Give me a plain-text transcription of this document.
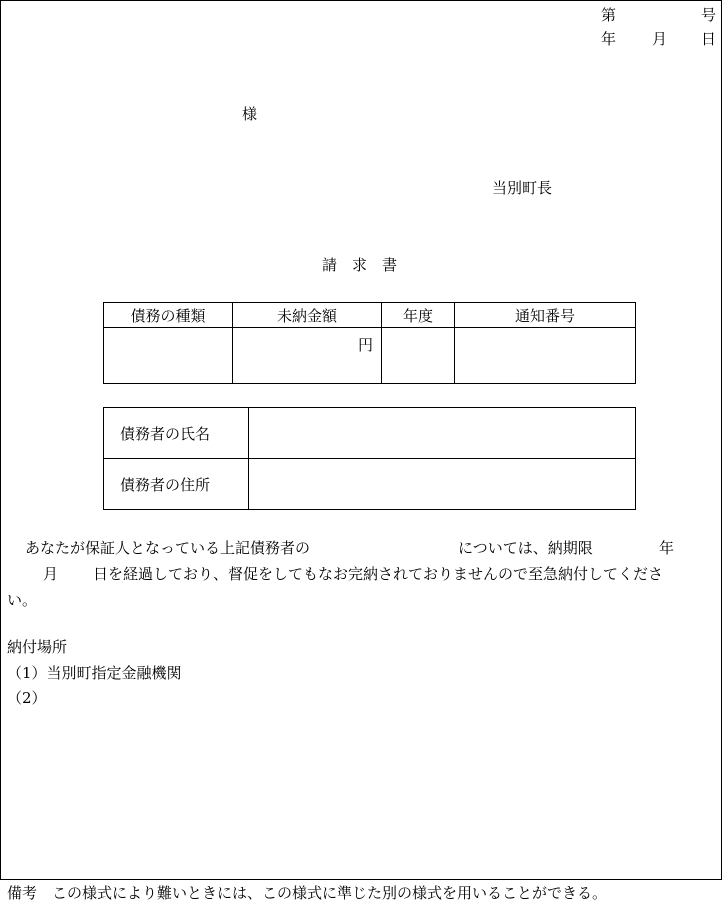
第	号
年 月 日
様
当別町長
請　求　書
債務の種類	未納金額	年度	通知番号
	円		
債務者の氏名	
債務者の住所	
あなたが保証人となっている上記債務者の	については、納期限	年
月 日を経過しており、督促をしてもなお完納されておりませんので至急納付してくださ
い。
納付場所
（1）当別町指定金融機関
（2）
備考　この様式により難いときには、この様式に準じた別の様式を用いることができる。
